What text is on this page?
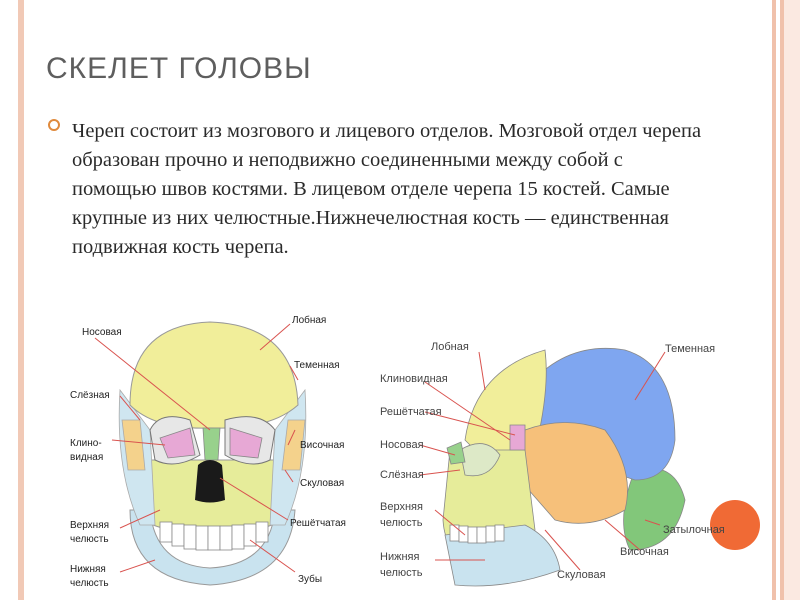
СКЕЛЕТ ГОЛОВЫ
Череп состоит из мозгового и лицевого отделов. Мозговой отдел черепа образован прочно и неподвижно соединенными между собой с помощью швов костями. В лицевом отделе черепа 15 костей. Самые крупные из них челюстные.Нижнечелюстная кость — единственная подвижная кость черепа.
Носовая
Лобная
Теменная
Слёзная
Клино-
видная
Височная
Скуловая
Верхняя
челюсть
Решётчатая
Нижняя
челюсть	Зубы
Лобная	Теменная
Клиновидная
Решётчатая
Носовая
Слёзная
Верхняя
челюсть
Нижняя
челюсть
Затылочная
Височная
Скуловая
